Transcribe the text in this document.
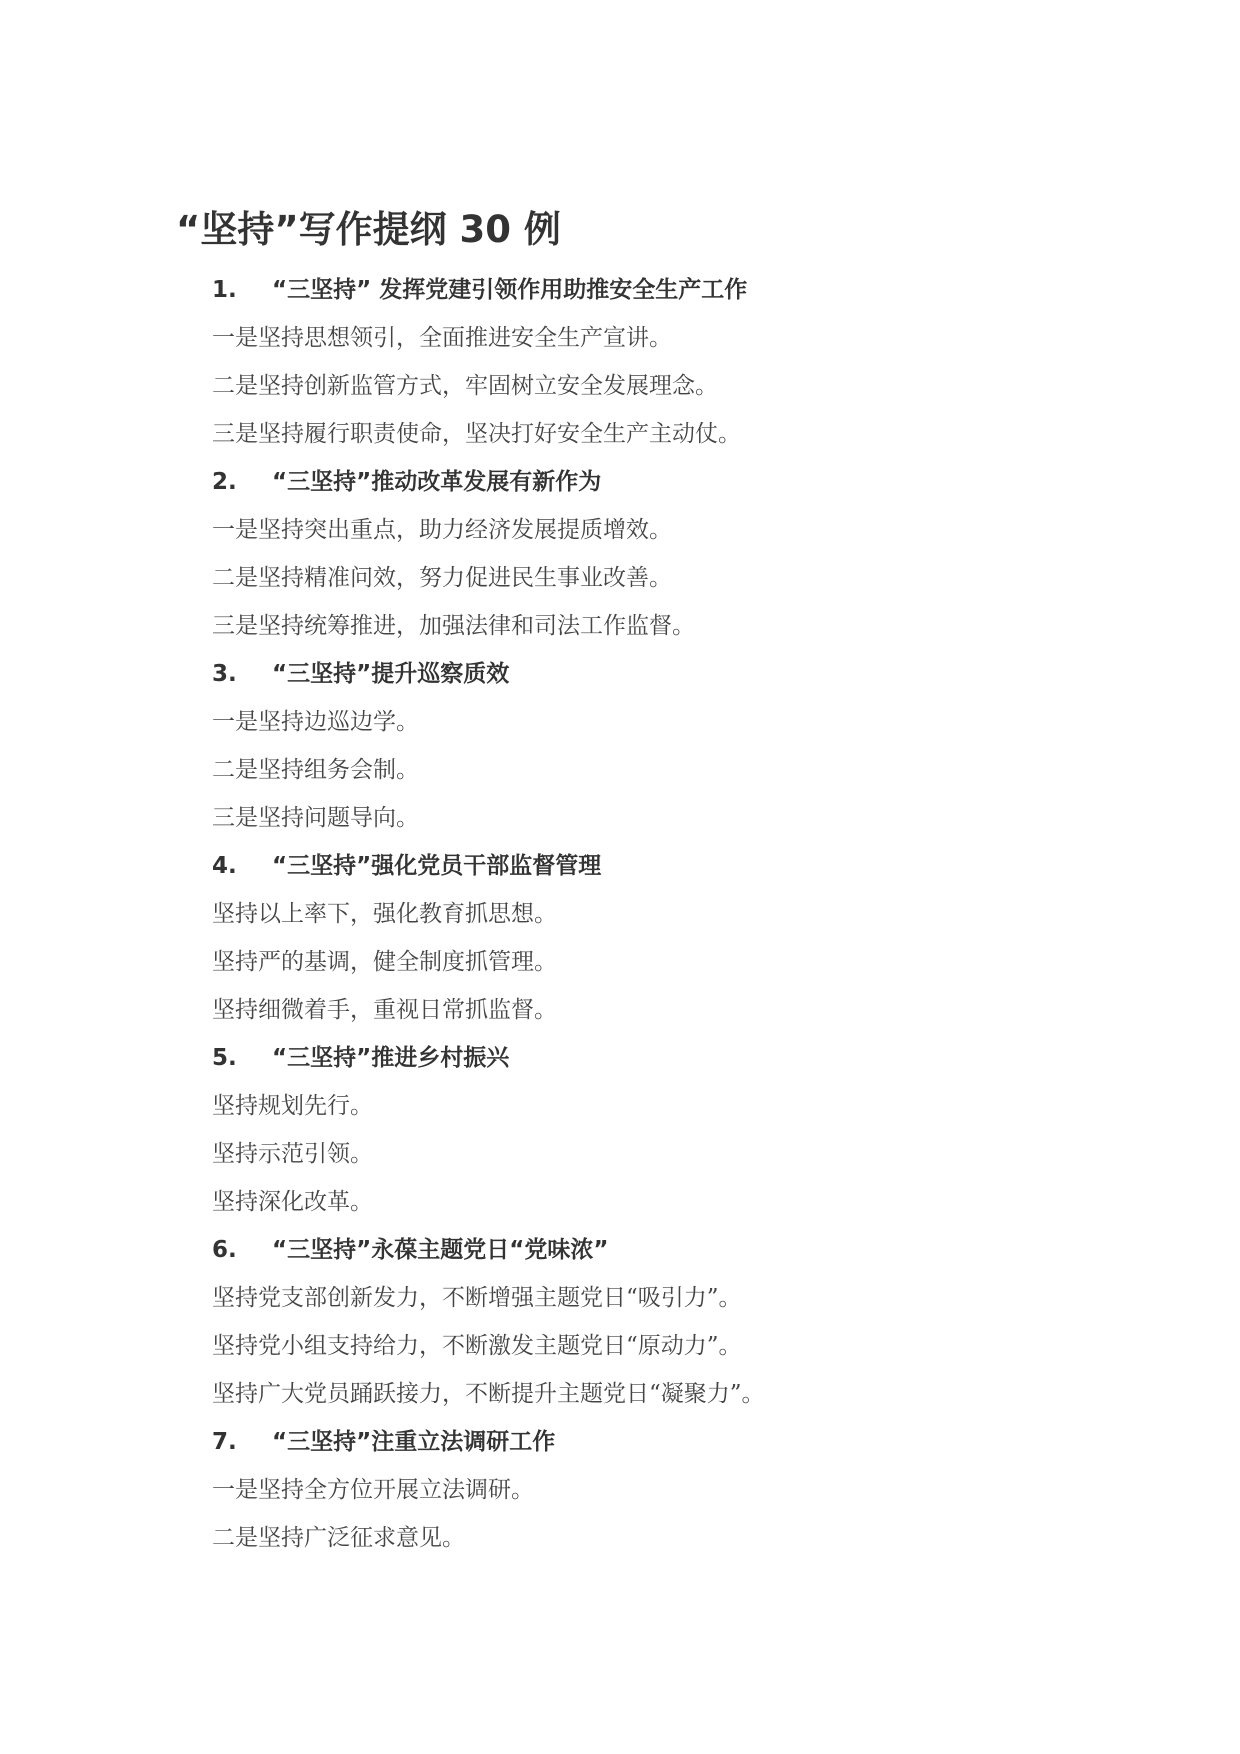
“坚持”写作提纲 30 例
1. “三坚持” 发挥党建引领作用助推安全生产工作
一是坚持思想领引，全面推进安全生产宣讲。
二是坚持创新监管方式，牢固树立安全发展理念。
三是坚持履行职责使命，坚决打好安全生产主动仗。
2. “三坚持”推动改革发展有新作为
一是坚持突出重点，助力经济发展提质增效。
二是坚持精准问效，努力促进民生事业改善。
三是坚持统筹推进，加强法律和司法工作监督。
3. “三坚持”提升巡察质效
一是坚持边巡边学。
二是坚持组务会制。
三是坚持问题导向。
4. “三坚持”强化党员干部监督管理
坚持以上率下，强化教育抓思想。
坚持严的基调，健全制度抓管理。
坚持细微着手，重视日常抓监督。
5. “三坚持”推进乡村振兴
坚持规划先行。
坚持示范引领。
坚持深化改革。
6. “三坚持”永葆主题党日“党味浓”
坚持党支部创新发力，不断增强主题党日“吸引力”。
坚持党小组支持给力，不断激发主题党日“原动力”。
坚持广大党员踊跃接力，不断提升主题党日“凝聚力”。
7. “三坚持”注重立法调研工作
一是坚持全方位开展立法调研。
二是坚持广泛征求意见。
